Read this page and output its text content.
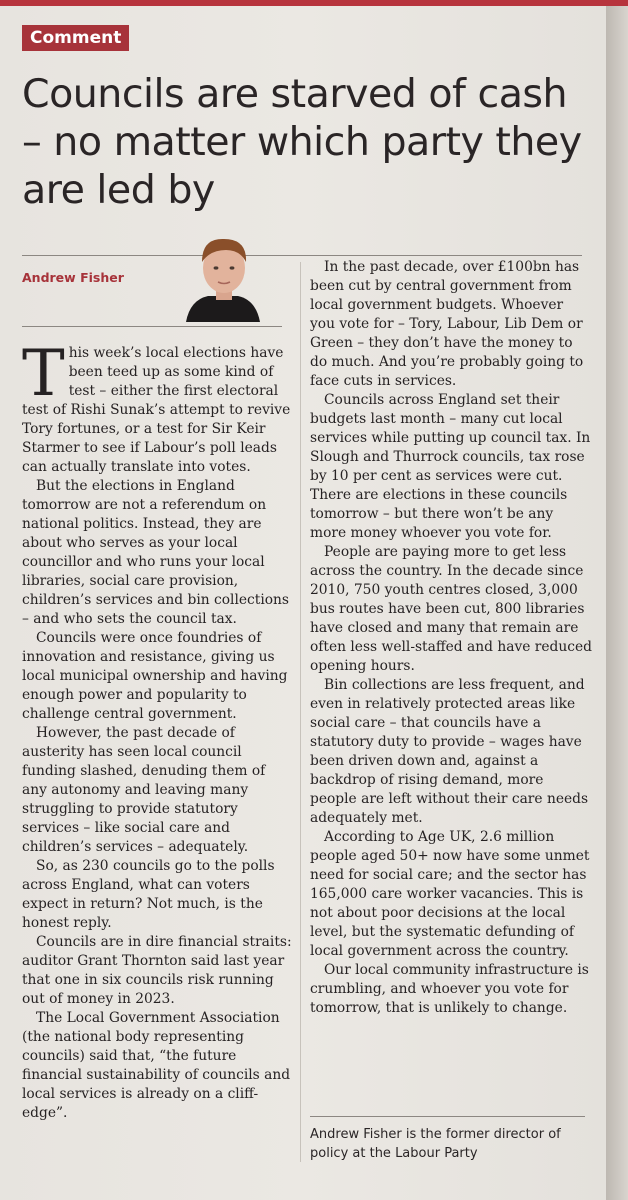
Comment
Councils are starved of cash – no matter which party they are led by
Andrew Fisher

This week’s local elections have been teed up as some kind of test – either the first electoral test of Rishi Sunak’s attempt to revive Tory fortunes, or a test for Sir Keir Starmer to see if Labour’s poll leads can actually translate into votes.

But the elections in England tomorrow are not a referendum on national politics. Instead, they are about who serves as your local councillor and who runs your local libraries, social care provision, children’s services and bin collections – and who sets the council tax.

Councils were once foundries of innovation and resistance, giving us local municipal ownership and having enough power and popularity to challenge central government.

However, the past decade of austerity has seen local council funding slashed, denuding them of any autonomy and leaving many struggling to provide statutory services – like social care and children’s services – adequately.

So, as 230 councils go to the polls across England, what can voters expect in return? Not much, is the honest reply.

Councils are in dire financial straits: auditor Grant Thornton said last year that one in six councils risk running out of money in 2023.

The Local Government Association (the national body representing councils) said that, “the future financial sustainability of councils and local services is already on a cliff-edge”.

In the past decade, over £100bn has been cut by central government from local government budgets. Whoever you vote for – Tory, Labour, Lib Dem or Green – they don’t have the money to do much. And you’re probably going to face cuts in services.

Councils across England set their budgets last month – many cut local services while putting up council tax. In Slough and Thurrock councils, tax rose by 10 per cent as services were cut. There are elections in these councils tomorrow – but there won’t be any more money whoever you vote for.

People are paying more to get less across the country. In the decade since 2010, 750 youth centres closed, 3,000 bus routes have been cut, 800 libraries have closed and many that remain are often less well-staffed and have reduced opening hours.

Bin collections are less frequent, and even in relatively protected areas like social care – that councils have a statutory duty to provide – wages have been driven down and, against a backdrop of rising demand, more people are left without their care needs adequately met.

According to Age UK, 2.6 million people aged 50+ now have some unmet need for social care; and the sector has 165,000 care worker vacancies. This is not about poor decisions at the local level, but the systematic defunding of local government across the country.

Our local community infrastructure is crumbling, and whoever you vote for tomorrow, that is unlikely to change.

Andrew Fisher is the former director of policy at the Labour Party
